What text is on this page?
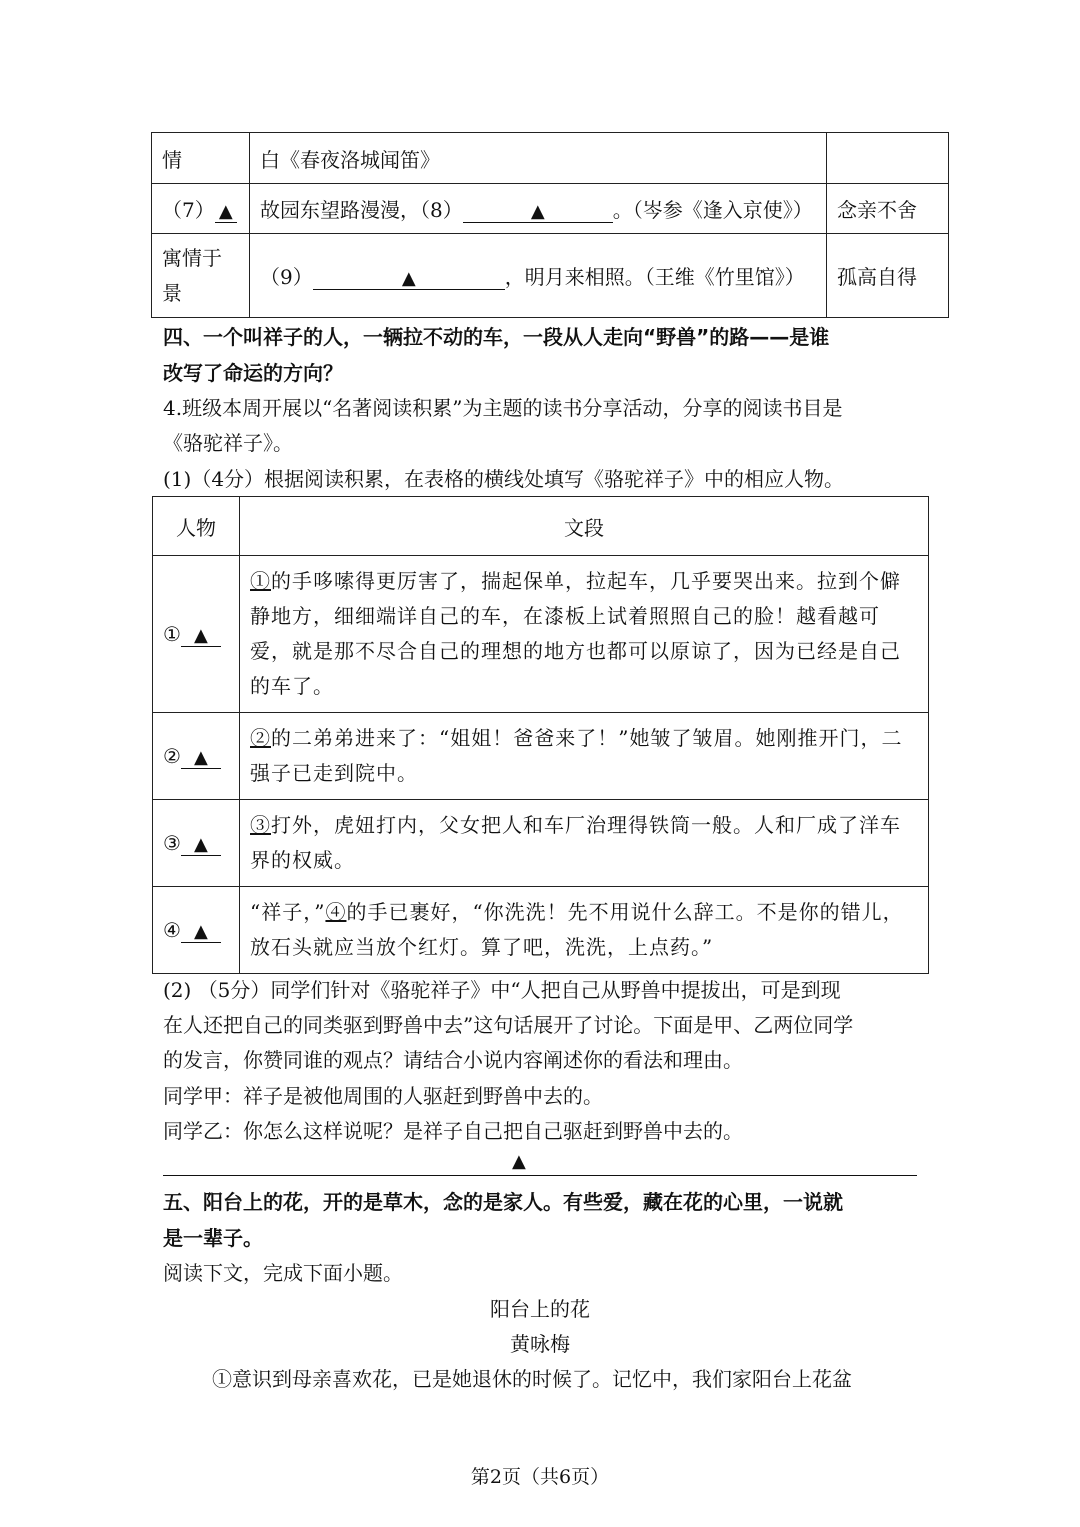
情	白《春夜洛城闻笛》	
（7） ▲	故园东望路漫漫，（8） ▲ 。（岑参《逢入京使》）	念亲不舍
寓情于景	（9） ▲ ，明月来相照。（王维《竹里馆》）	孤高自得
四、一个叫祥子的人，一辆拉不动的车，一段从人走向“野兽”的路——是谁
改写了命运的方向？
4.班级本周开展以“名著阅读积累”为主题的读书分享活动，分享的阅读书目是
《骆驼祥子》。
(1)（4分）根据阅读积累，在表格的横线处填写《骆驼祥子》中的相应人物。
人物	文段
① ▲	①的手哆嗦得更厉害了，揣起保单，拉起车，几乎要哭出来。拉到个僻静地方，细细端详自己的车，在漆板上试着照照自己的脸！越看越可爱，就是那不尽合自己的理想的地方也都可以原谅了，因为已经是自己的车了。
② ▲	②的二弟弟进来了：“姐姐！爸爸来了！”她皱了皱眉。她刚推开门，二强子已走到院中。
③ ▲	③打外，虎妞打内，父女把人和车厂治理得铁筒一般。人和厂成了洋车界的权威。
④ ▲	“祥子，”④的手已裹好，“你洗洗！先不用说什么辞工。不是你的错儿，放石头就应当放个红灯。算了吧，洗洗，上点药。”
(2) （5分）同学们针对《骆驼祥子》中“人把自己从野兽中提拔出，可是到现
在人还把自己的同类驱到野兽中去”这句话展开了讨论。下面是甲、乙两位同学
的发言，你赞同谁的观点？请结合小说内容阐述你的看法和理由。
同学甲：祥子是被他周围的人驱赶到野兽中去的。
同学乙：你怎么这样说呢？是祥子自己把自己驱赶到野兽中去的。
▲
五、阳台上的花，开的是草木，念的是家人。有些爱，藏在花的心里，一说就
是一辈子。
阅读下文，完成下面小题。
阳台上的花
黄咏梅
①意识到母亲喜欢花，已是她退休的时候了。记忆中，我们家阳台上花盆
第2页（共6页）
